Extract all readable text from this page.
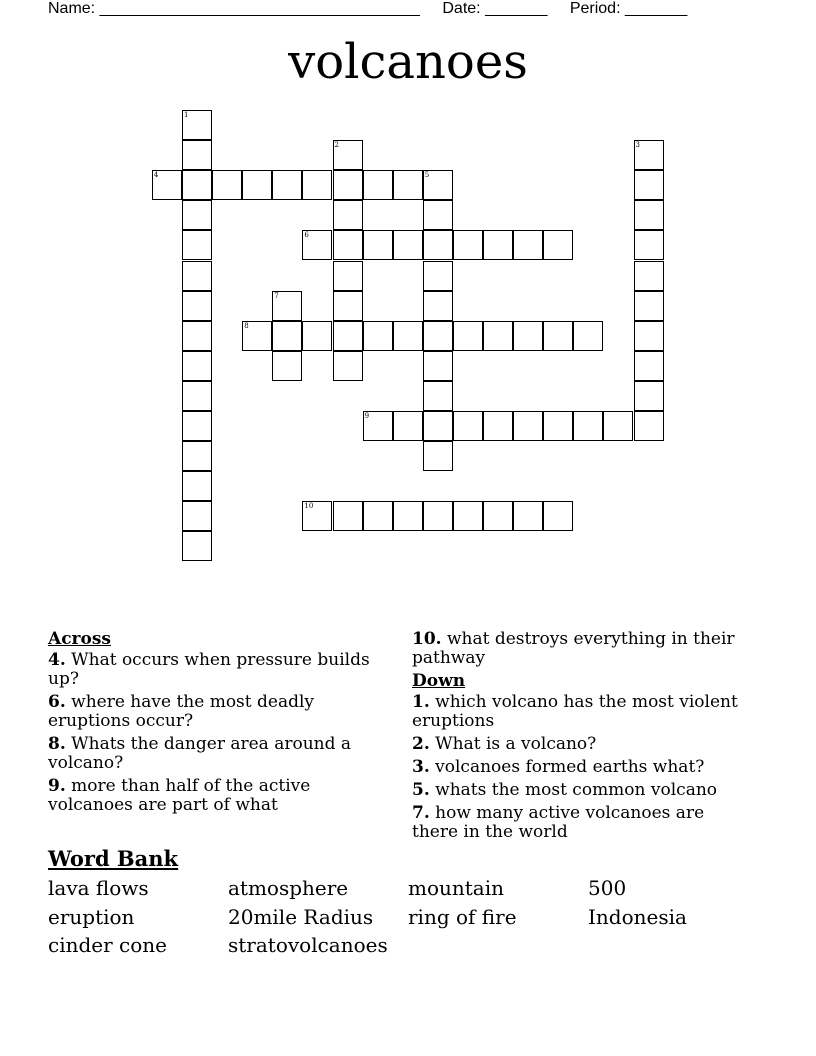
Name: ____________________________________ Date: _______ Period: _______
volcanoes
1
2	3
4	5
6
7
8
9
10
Across
4. What occurs when pressure builds up?
6. where have the most deadly eruptions occur?
8. Whats the danger area around a volcano?
9. more than half of the active volcanoes are part of what
10. what destroys everything in their pathway
Down
1. which volcano has the most violent eruptions
2. What is a volcano?
3. volcanoes formed earths what?
5. whats the most common volcano
7. how many active volcanoes are there in the world
Word Bank
lava flows	atmosphere	mountain	500
eruption	20mile Radius	ring of fire	Indonesia
cinder cone	stratovolcanoes
